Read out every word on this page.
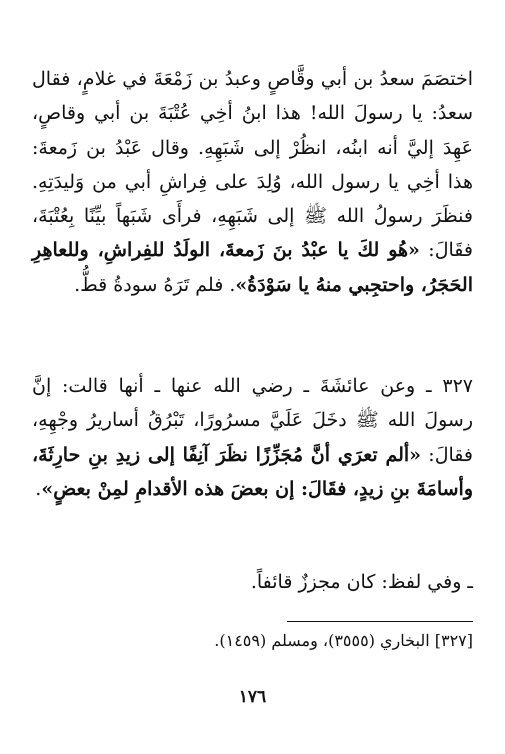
اختصَمَ سعدُ بن أبي وقَّاصٍ وعبدُ بن زَمْعَةَ في غلامٍ، فقال سعدُ: يا رسولَ الله! هذا ابنُ أخِي عُتْبَةَ بن أبي وقاصٍ، عَهِدَ إليَّ أنه ابنُه، انظُرْ إلى شَبَهِهِ. وقال عَبْدُ بن زَمعةَ: هذا أخِي يا رسول الله، وُلِدَ على فِراشِ أبي من وَليدَتِهِ. فنظَرَ رسولُ الله ﷺ إلى شَبَهِهِ، فرأَى شَبَهاً بيِّنًا بِعُتْبَةَ، فقَالَ: «هُو لكَ يا عبْدُ بنَ زَمعةَ، الولَدُ للفِراشِ، وللعاهِرِ الحَجَرُ، واحتجِبي منهُ يا سَوْدَةُ». فلم تَرَهُ سودةُ قطُّ.

٣٢٧ ـ وعن عائشَةَ ـ رضي الله عنها ـ أنها قالت: إنَّ رسولَ الله ﷺ دخَلَ عَلَيَّ مسرُورًا، تَبْرُقُ أساريرُ وجْهِهِ، فقالَ: «ألم تعرَي أنَّ مُجَزِّزًا نظَرَ آنِفًا إلى زيدِ بنِ حارِثَةَ، وأسامَةَ بنِ زيدٍ، فقَالَ: إن بعضَ هذه الأقدامِ لمِنْ بعضٍ».

ـ وفي لفظ: كان مجززٌ قائفاً.

[٣٢٧] البخاري (٣٥٥٥)، ومسلم (١٤٥٩).

١٧٦
